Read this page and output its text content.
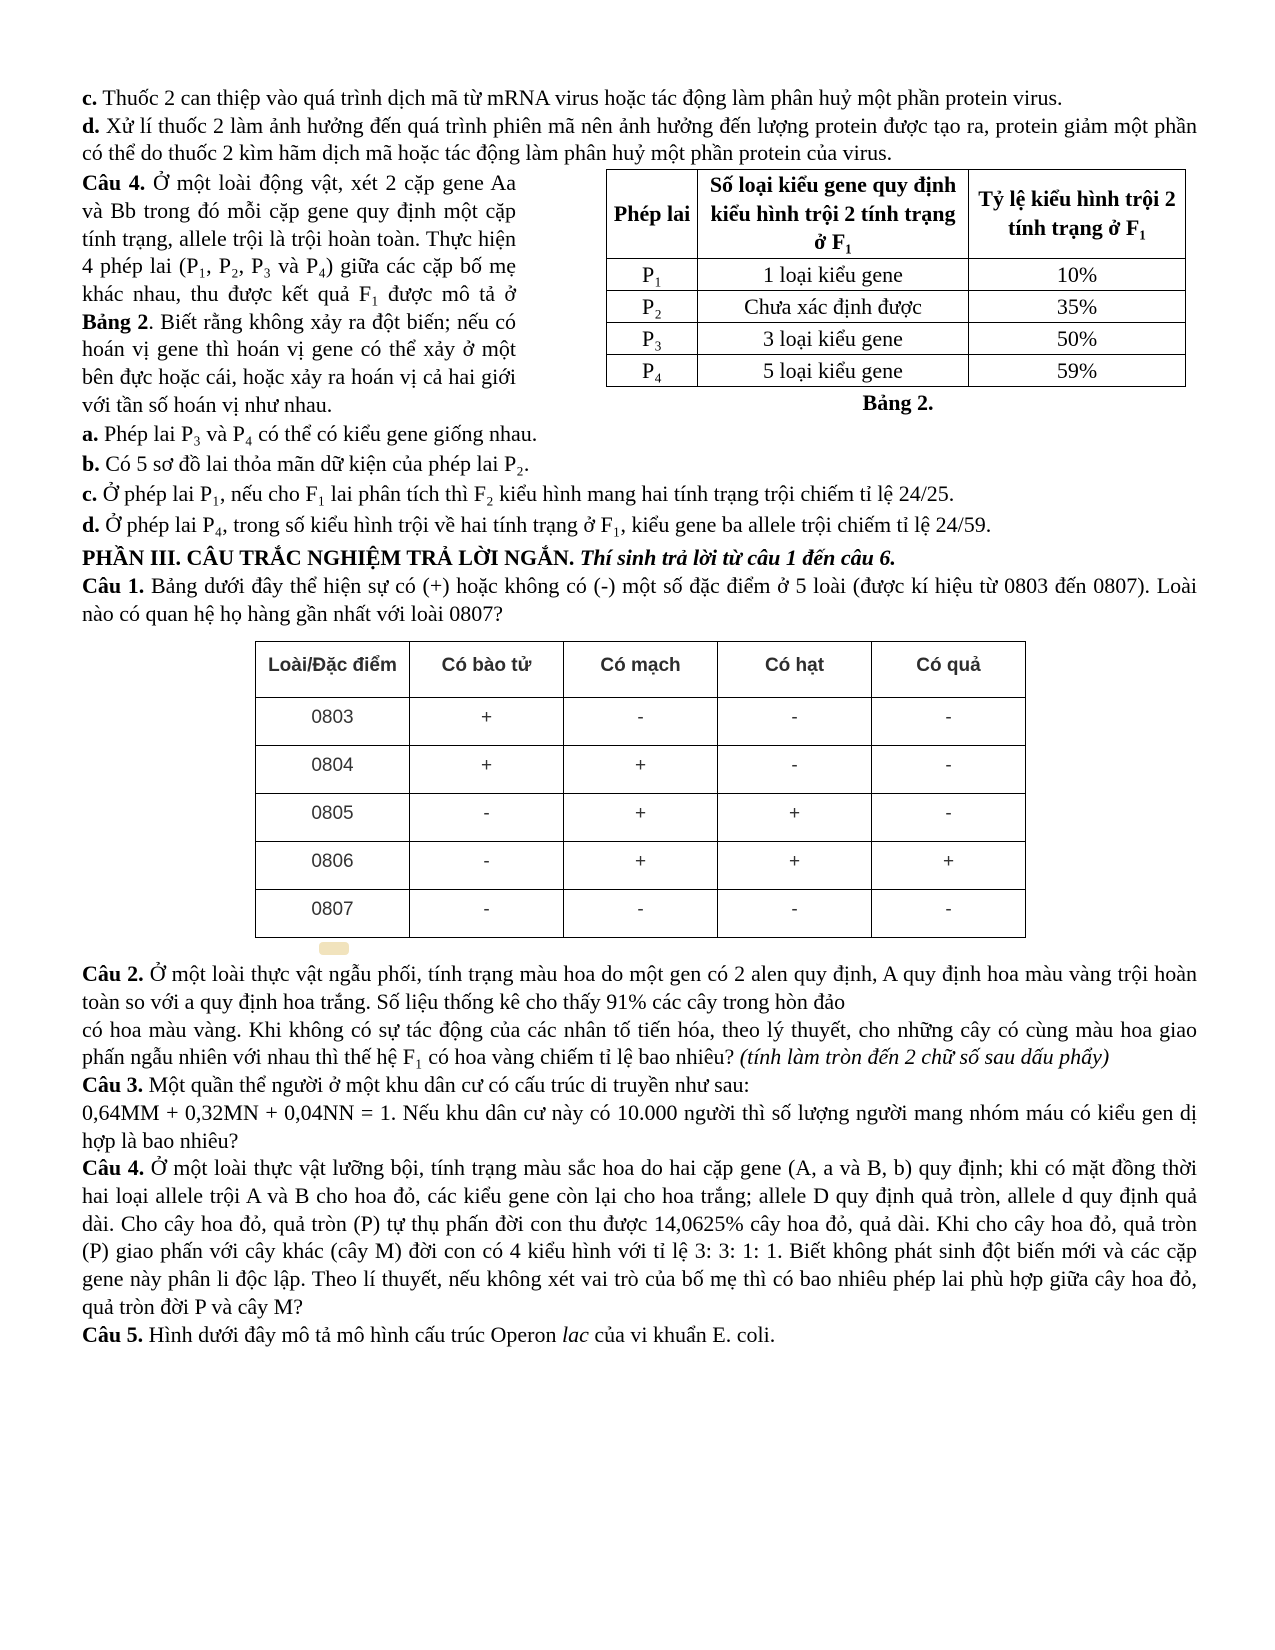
c. Thuốc 2 can thiệp vào quá trình dịch mã từ mRNA virus hoặc tác động làm phân huỷ một phần protein virus.

d. Xử lí thuốc 2 làm ảnh hưởng đến quá trình phiên mã nên ảnh hưởng đến lượng protein được tạo ra, protein giảm một phần có thể do thuốc 2 kìm hãm dịch mã hoặc tác động làm phân huỷ một phần protein của virus.

Câu 4. Ở một loài động vật, xét 2 cặp gene Aa và Bb trong đó mỗi cặp gene quy định một cặp tính trạng, allele trội là trội hoàn toàn. Thực hiện 4 phép lai (P₁, P₂, P₃ và P₄) giữa các cặp bố mẹ khác nhau, thu được kết quả F₁ được mô tả ở Bảng 2. Biết rằng không xảy ra đột biến; nếu có hoán vị gene thì hoán vị gene có thể xảy ở một bên đực hoặc cái, hoặc xảy ra hoán vị cả hai giới với tần số hoán vị như nhau.
Phép lai	Số loại kiểu gene quy định kiểu hình trội 2 tính trạng ở F₁	Tỷ lệ kiểu hình trội 2 tính trạng ở F₁
P₁	1 loại kiểu gene	10%
P₂	Chưa xác định được	35%
P₃	3 loại kiểu gene	50%
P₄	5 loại kiểu gene	59%
Bảng 2.

a. Phép lai P₃ và P₄ có thể có kiểu gene giống nhau.

b. Có 5 sơ đồ lai thỏa mãn dữ kiện của phép lai P₂.

c. Ở phép lai P₁, nếu cho F₁ lai phân tích thì F₂ kiểu hình mang hai tính trạng trội chiếm tỉ lệ 24/25.

d. Ở phép lai P₄, trong số kiểu hình trội về hai tính trạng ở F₁, kiểu gene ba allele trội chiếm tỉ lệ 24/59.

PHẦN III. CÂU TRẮC NGHIỆM TRẢ LỜI NGẮN. Thí sinh trả lời từ câu 1 đến câu 6.

Câu 1. Bảng dưới đây thể hiện sự có (+) hoặc không có (-) một số đặc điểm ở 5 loài (được kí hiệu từ 0803 đến 0807). Loài nào có quan hệ họ hàng gần nhất với loài 0807?

Loài/Đặc điểm	Có bào tử	Có mạch	Có hạt	Có quả
0803	+	-	-	-
0804	+	+	-	-
0805	-	+	+	-
0806	-	+	+	+
0807	-	-	-	-

Câu 2. Ở một loài thực vật ngẫu phối, tính trạng màu hoa do một gen có 2 alen quy định, A quy định hoa màu vàng trội hoàn toàn so với a quy định hoa trắng. Số liệu thống kê cho thấy 91% các cây trong hòn đảo
có hoa màu vàng. Khi không có sự tác động của các nhân tố tiến hóa, theo lý thuyết, cho những cây có cùng màu hoa giao phấn ngẫu nhiên với nhau thì thế hệ F₁ có hoa vàng chiếm tỉ lệ bao nhiêu? (tính làm tròn đến 2 chữ số sau dấu phẩy)

Câu 3. Một quần thể người ở một khu dân cư có cấu trúc di truyền như sau:
0,64MM + 0,32MN + 0,04NN = 1. Nếu khu dân cư này có 10.000 người thì số lượng người mang nhóm máu có kiểu gen dị hợp là bao nhiêu?

Câu 4. Ở một loài thực vật lưỡng bội, tính trạng màu sắc hoa do hai cặp gene (A, a và B, b) quy định; khi có mặt đồng thời hai loại allele trội A và B cho hoa đỏ, các kiểu gene còn lại cho hoa trắng; allele D quy định quả tròn, allele d quy định quả dài. Cho cây hoa đỏ, quả tròn (P) tự thụ phấn đời con thu được 14,0625% cây hoa đỏ, quả dài. Khi cho cây hoa đỏ, quả tròn (P) giao phấn với cây khác (cây M) đời con có 4 kiểu hình với tỉ lệ 3: 3: 1: 1. Biết không phát sinh đột biến mới và các cặp gene này phân li độc lập. Theo lí thuyết, nếu không xét vai trò của bố mẹ thì có bao nhiêu phép lai phù hợp giữa cây hoa đỏ, quả tròn đời P và cây M?

Câu 5. Hình dưới đây mô tả mô hình cấu trúc Operon lac của vi khuẩn E. coli.
